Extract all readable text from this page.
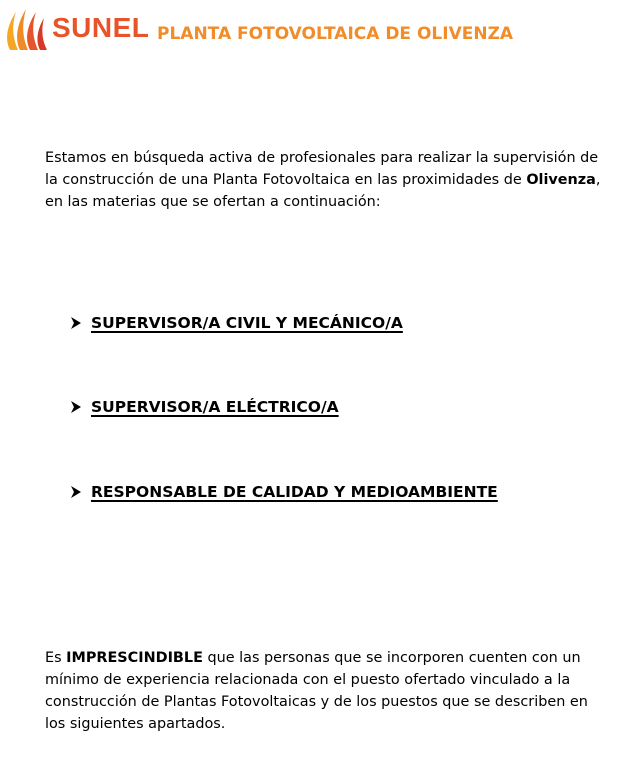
SUNEL PLANTA FOTOVOLTAICA DE OLIVENZA

Estamos en búsqueda activa de profesionales para realizar la supervisión de la construcción de una Planta Fotovoltaica en las proximidades de Olivenza, en las materias que se ofertan a continuación:

SUPERVISOR/A CIVIL Y MECÁNICO/A
SUPERVISOR/A ELÉCTRICO/A
RESPONSABLE DE CALIDAD Y MEDIOAMBIENTE

Es IMPRESCINDIBLE que las personas que se incorporen cuenten con un mínimo de experiencia relacionada con el puesto ofertado vinculado a la construcción de Plantas Fotovoltaicas y de los puestos que se describen en los siguientes apartados.
